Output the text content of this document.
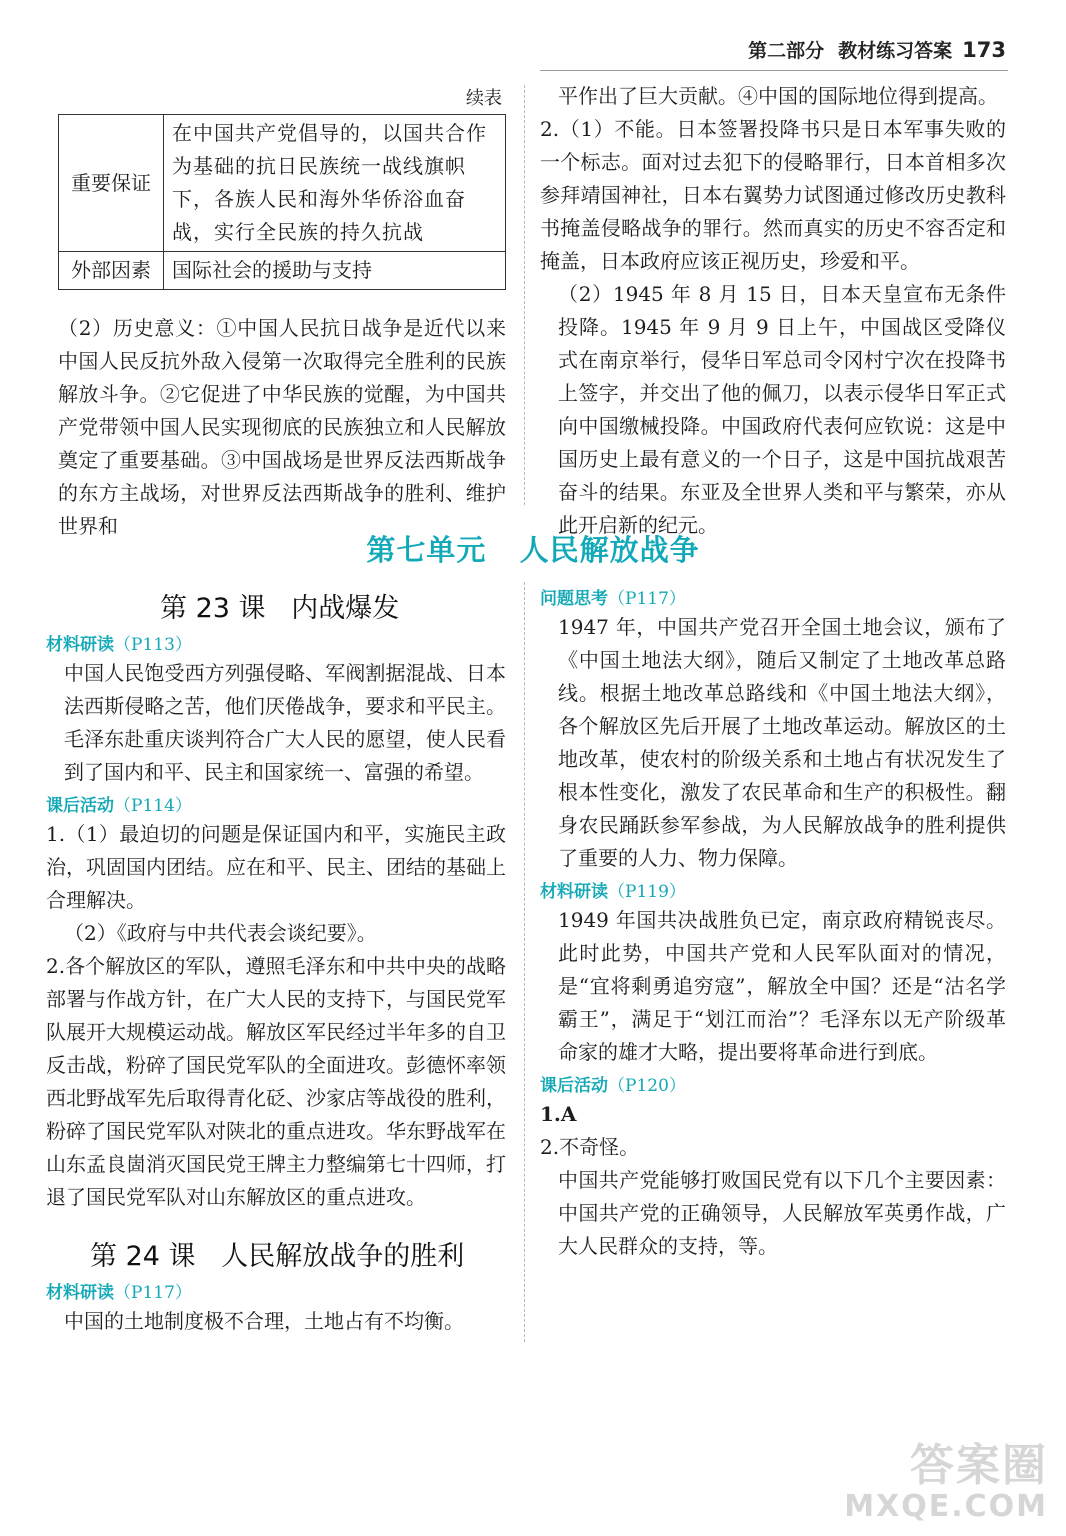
第二部分 教材练习答案 173
续表
重要保证	在中国共产党倡导的，以国共合作为基础的抗日民族统一战线旗帜下，各族人民和海外华侨浴血奋战，实行全民族的持久抗战
外部因素	国际社会的援助与支持
（2）历史意义：①中国人民抗日战争是近代以来中国人民反抗外敌入侵第一次取得完全胜利的民族解放斗争。②它促进了中华民族的觉醒，为中国共产党带领中国人民实现彻底的民族独立和人民解放奠定了重要基础。③中国战场是世界反法西斯战争的东方主战场，对世界反法西斯战争的胜利、维护世界和

平作出了巨大贡献。④中国的国际地位得到提高。

2.（1）不能。日本签署投降书只是日本军事失败的一个标志。面对过去犯下的侵略罪行，日本首相多次参拜靖国神社，日本右翼势力试图通过修改历史教科书掩盖侵略战争的罪行。然而真实的历史不容否定和掩盖，日本政府应该正视历史，珍爱和平。

（2）1945 年 8 月 15 日，日本天皇宣布无条件投降。1945 年 9 月 9 日上午，中国战区受降仪式在南京举行，侵华日军总司令冈村宁次在投降书上签字，并交出了他的佩刀，以表示侵华日军正式向中国缴械投降。中国政府代表何应钦说：这是中国历史上最有意义的一个日子，这是中国抗战艰苦奋斗的结果。东亚及全世界人类和平与繁荣，亦从此开启新的纪元。

第七单元   人民解放战争
第 23 课   内战爆发
材料研读（P113）
中国人民饱受西方列强侵略、军阀割据混战、日本法西斯侵略之苦，他们厌倦战争，要求和平民主。毛泽东赴重庆谈判符合广大人民的愿望，使人民看到了国内和平、民主和国家统一、富强的希望。
课后活动（P114）
1.（1）最迫切的问题是保证国内和平，实施民主政治，巩固国内团结。应在和平、民主、团结的基础上合理解决。
（2）《政府与中共代表会谈纪要》。
2.各个解放区的军队，遵照毛泽东和中共中央的战略部署与作战方针，在广大人民的支持下，与国民党军队展开大规模运动战。解放区军民经过半年多的自卫反击战，粉碎了国民党军队的全面进攻。彭德怀率领西北野战军先后取得青化砭、沙家店等战役的胜利，粉碎了国民党军队对陕北的重点进攻。华东野战军在山东孟良崮消灭国民党王牌主力整编第七十四师，打退了国民党军队对山东解放区的重点进攻。
第 24 课   人民解放战争的胜利
材料研读（P117）
中国的土地制度极不合理，土地占有不均衡。
问题思考（P117）
1947 年，中国共产党召开全国土地会议，颁布了《中国土地法大纲》，随后又制定了土地改革总路线。根据土地改革总路线和《中国土地法大纲》，各个解放区先后开展了土地改革运动。解放区的土地改革，使农村的阶级关系和土地占有状况发生了根本性变化，激发了农民革命和生产的积极性。翻身农民踊跃参军参战，为人民解放战争的胜利提供了重要的人力、物力保障。
材料研读（P119）
1949 年国共决战胜负已定，南京政府精锐丧尽。此时此势，中国共产党和人民军队面对的情况，是“宜将剩勇追穷寇”，解放全中国？还是“沽名学霸王”，满足于“划江而治”？毛泽东以无产阶级革命家的雄才大略，提出要将革命进行到底。
课后活动（P120）
1.A
2.不奇怪。
中国共产党能够打败国民党有以下几个主要因素：中国共产党的正确领导，人民解放军英勇作战，广大人民群众的支持，等。
答案圈
MXQE.COM
